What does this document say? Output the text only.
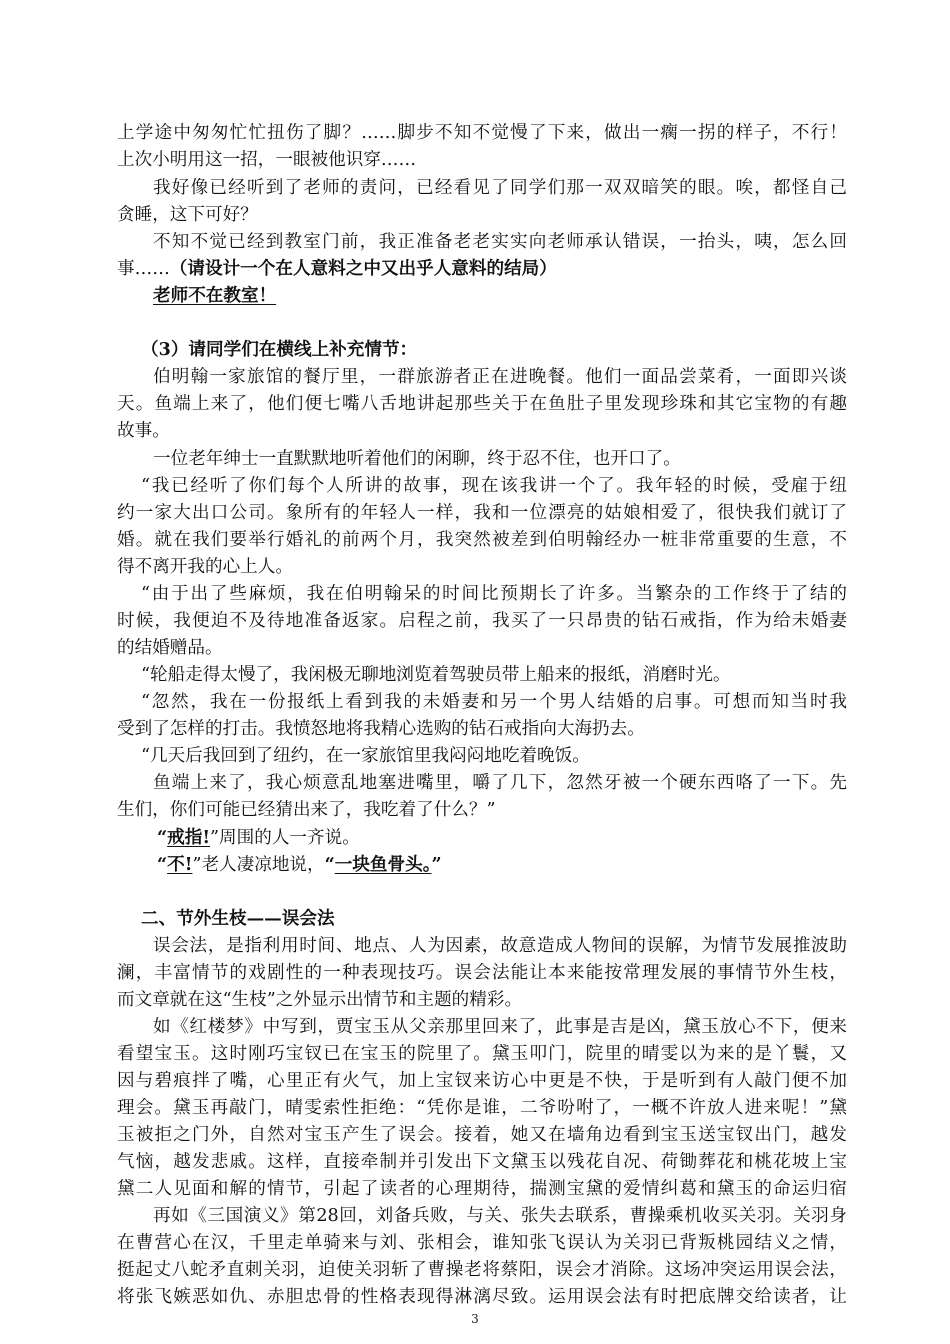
上学途中匆匆忙忙扭伤了脚？……脚步不知不觉慢了下来，做出一瘸一拐的样子，不行！
上次小明用这一招，一眼被他识穿……
我好像已经听到了老师的责问，已经看见了同学们那一双双暗笑的眼。唉，都怪自己
贪睡，这下可好？
不知不觉已经到教室门前，我正准备老老实实向老师承认错误，一抬头，咦，怎么回
事……（请设计一个在人意料之中又出乎人意料的结局）
老师不在教室！
（3）请同学们在横线上补充情节：
伯明翰一家旅馆的餐厅里，一群旅游者正在进晚餐。他们一面品尝菜肴，一面即兴谈
天。鱼端上来了，他们便七嘴八舌地讲起那些关于在鱼肚子里发现珍珠和其它宝物的有趣
故事。
一位老年绅士一直默默地听着他们的闲聊，终于忍不住，也开口了。
“我已经听了你们每个人所讲的故事，现在该我讲一个了。我年轻的时候，受雇于纽
约一家大出口公司。象所有的年轻人一样，我和一位漂亮的姑娘相爱了，很快我们就订了
婚。就在我们要举行婚礼的前两个月，我突然被差到伯明翰经办一桩非常重要的生意，不
得不离开我的心上人。
“由于出了些麻烦，我在伯明翰呆的时间比预期长了许多。当繁杂的工作终于了结的
时候，我便迫不及待地准备返家。启程之前，我买了一只昂贵的钻石戒指，作为给未婚妻
的结婚赠品。
“轮船走得太慢了，我闲极无聊地浏览着驾驶员带上船来的报纸，消磨时光。
“忽然，我在一份报纸上看到我的未婚妻和另一个男人结婚的启事。可想而知当时我
受到了怎样的打击。我愤怒地将我精心选购的钻石戒指向大海扔去。
“几天后我回到了纽约，在一家旅馆里我闷闷地吃着晚饭。
鱼端上来了，我心烦意乱地塞进嘴里，嚼了几下，忽然牙被一个硬东西咯了一下。先
生们，你们可能已经猜出来了，我吃着了什么？”
“戒指!”周围的人一齐说。
“不!”老人凄凉地说，“一块鱼骨头。”
二、节外生枝——误会法
误会法，是指利用时间、地点、人为因素，故意造成人物间的误解，为情节发展推波助
澜，丰富情节的戏剧性的一种表现技巧。误会法能让本来能按常理发展的事情节外生枝，
而文章就在这“生枝”之外显示出情节和主题的精彩。
如《红楼梦》中写到，贾宝玉从父亲那里回来了，此事是吉是凶，黛玉放心不下，便来
看望宝玉。这时刚巧宝钗已在宝玉的院里了。黛玉叩门，院里的晴雯以为来的是丫鬟，又
因与碧痕拌了嘴，心里正有火气，加上宝钗来访心中更是不快，于是听到有人敲门便不加
理会。黛玉再敲门，晴雯索性拒绝：“凭你是谁，二爷吩咐了，一概不许放人进来呢！”黛
玉被拒之门外，自然对宝玉产生了误会。接着，她又在墙角边看到宝玉送宝钗出门，越发
气恼，越发悲戚。这样，直接牵制并引发出下文黛玉以残花自况、荷锄葬花和桃花坡上宝
黛二人见面和解的情节，引起了读者的心理期待，揣测宝黛的爱情纠葛和黛玉的命运归宿
再如《三国演义》第28回，刘备兵败，与关、张失去联系，曹操乘机收买关羽。关羽身
在曹营心在汉，千里走单骑来与刘、张相会，谁知张飞误认为关羽已背叛桃园结义之情，
挺起丈八蛇矛直刺关羽，迫使关羽斩了曹操老将蔡阳，误会才消除。这场冲突运用误会法，
将张飞嫉恶如仇、赤胆忠骨的性格表现得淋漓尽致。运用误会法有时把底牌交给读者，让
3
